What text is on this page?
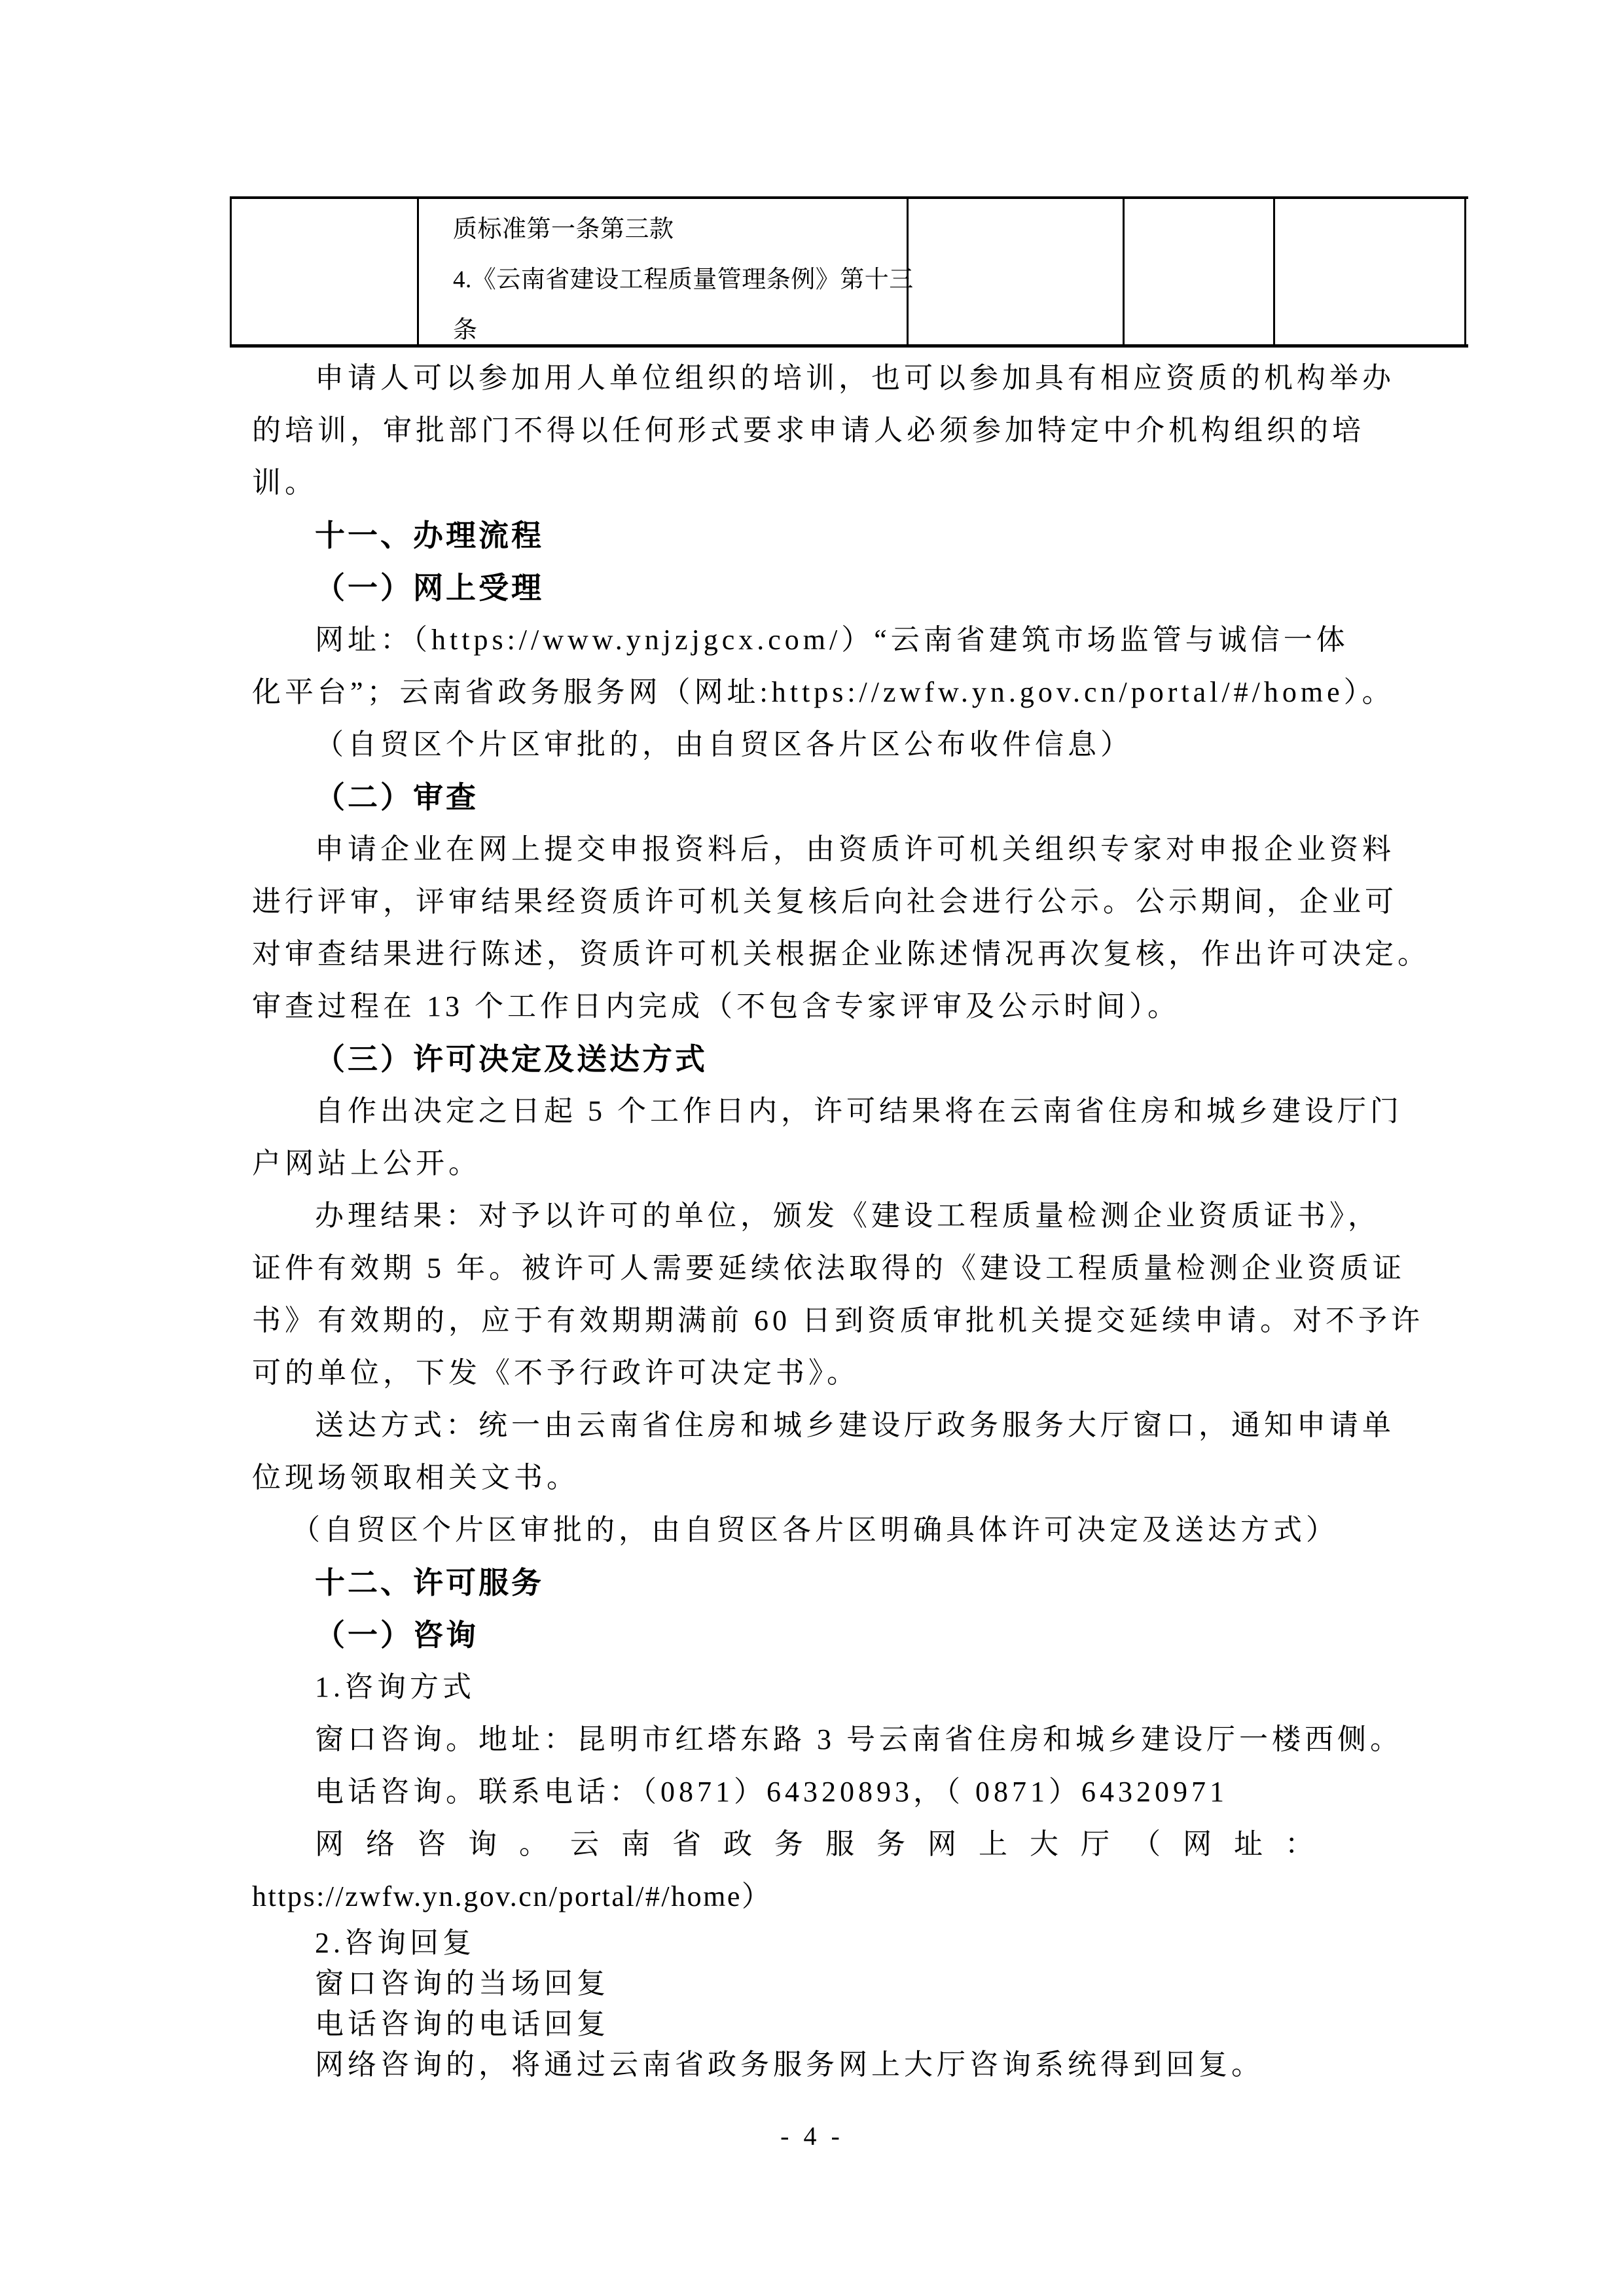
质标准第一条第三款
4.《云南省建设工程质量管理条例》第十三
条
申请人可以参加用人单位组织的培训，也可以参加具有相应资质的机构举办
的培训，审批部门不得以任何形式要求申请人必须参加特定中介机构组织的培
训。
十一、办理流程
（一）网上受理
网址：（https://www.ynjzjgcx.com/）“云南省建筑市场监管与诚信一体
化平台”；云南省政务服务网（网址:https://zwfw.yn.gov.cn/portal/#/home）。
（自贸区个片区审批的，由自贸区各片区公布收件信息）
（二）审查
申请企业在网上提交申报资料后，由资质许可机关组织专家对申报企业资料
进行评审，评审结果经资质许可机关复核后向社会进行公示。公示期间，企业可
对审查结果进行陈述，资质许可机关根据企业陈述情况再次复核，作出许可决定。
审查过程在 13 个工作日内完成（不包含专家评审及公示时间）。
（三）许可决定及送达方式
自作出决定之日起 5 个工作日内，许可结果将在云南省住房和城乡建设厅门
户网站上公开。
办理结果：对予以许可的单位，颁发《建设工程质量检测企业资质证书》，
证件有效期 5 年。被许可人需要延续依法取得的《建设工程质量检测企业资质证
书》有效期的，应于有效期期满前 60 日到资质审批机关提交延续申请。对不予许
可的单位，下发《不予行政许可决定书》。
送达方式：统一由云南省住房和城乡建设厅政务服务大厅窗口，通知申请单
位现场领取相关文书。
（自贸区个片区审批的，由自贸区各片区明确具体许可决定及送达方式）
十二、许可服务
（一）咨询
1.咨询方式
窗口咨询。地址：昆明市红塔东路 3 号云南省住房和城乡建设厅一楼西侧。
电话咨询。联系电话：（0871）64320893，（ 0871）64320971
网络咨询。云南省政务服务网上大厅（网址：
https://zwfw.yn.gov.cn/portal/#/home）
2.咨询回复
窗口咨询的当场回复
电话咨询的电话回复
网络咨询的，将通过云南省政务服务网上大厅咨询系统得到回复。
- 4 -
